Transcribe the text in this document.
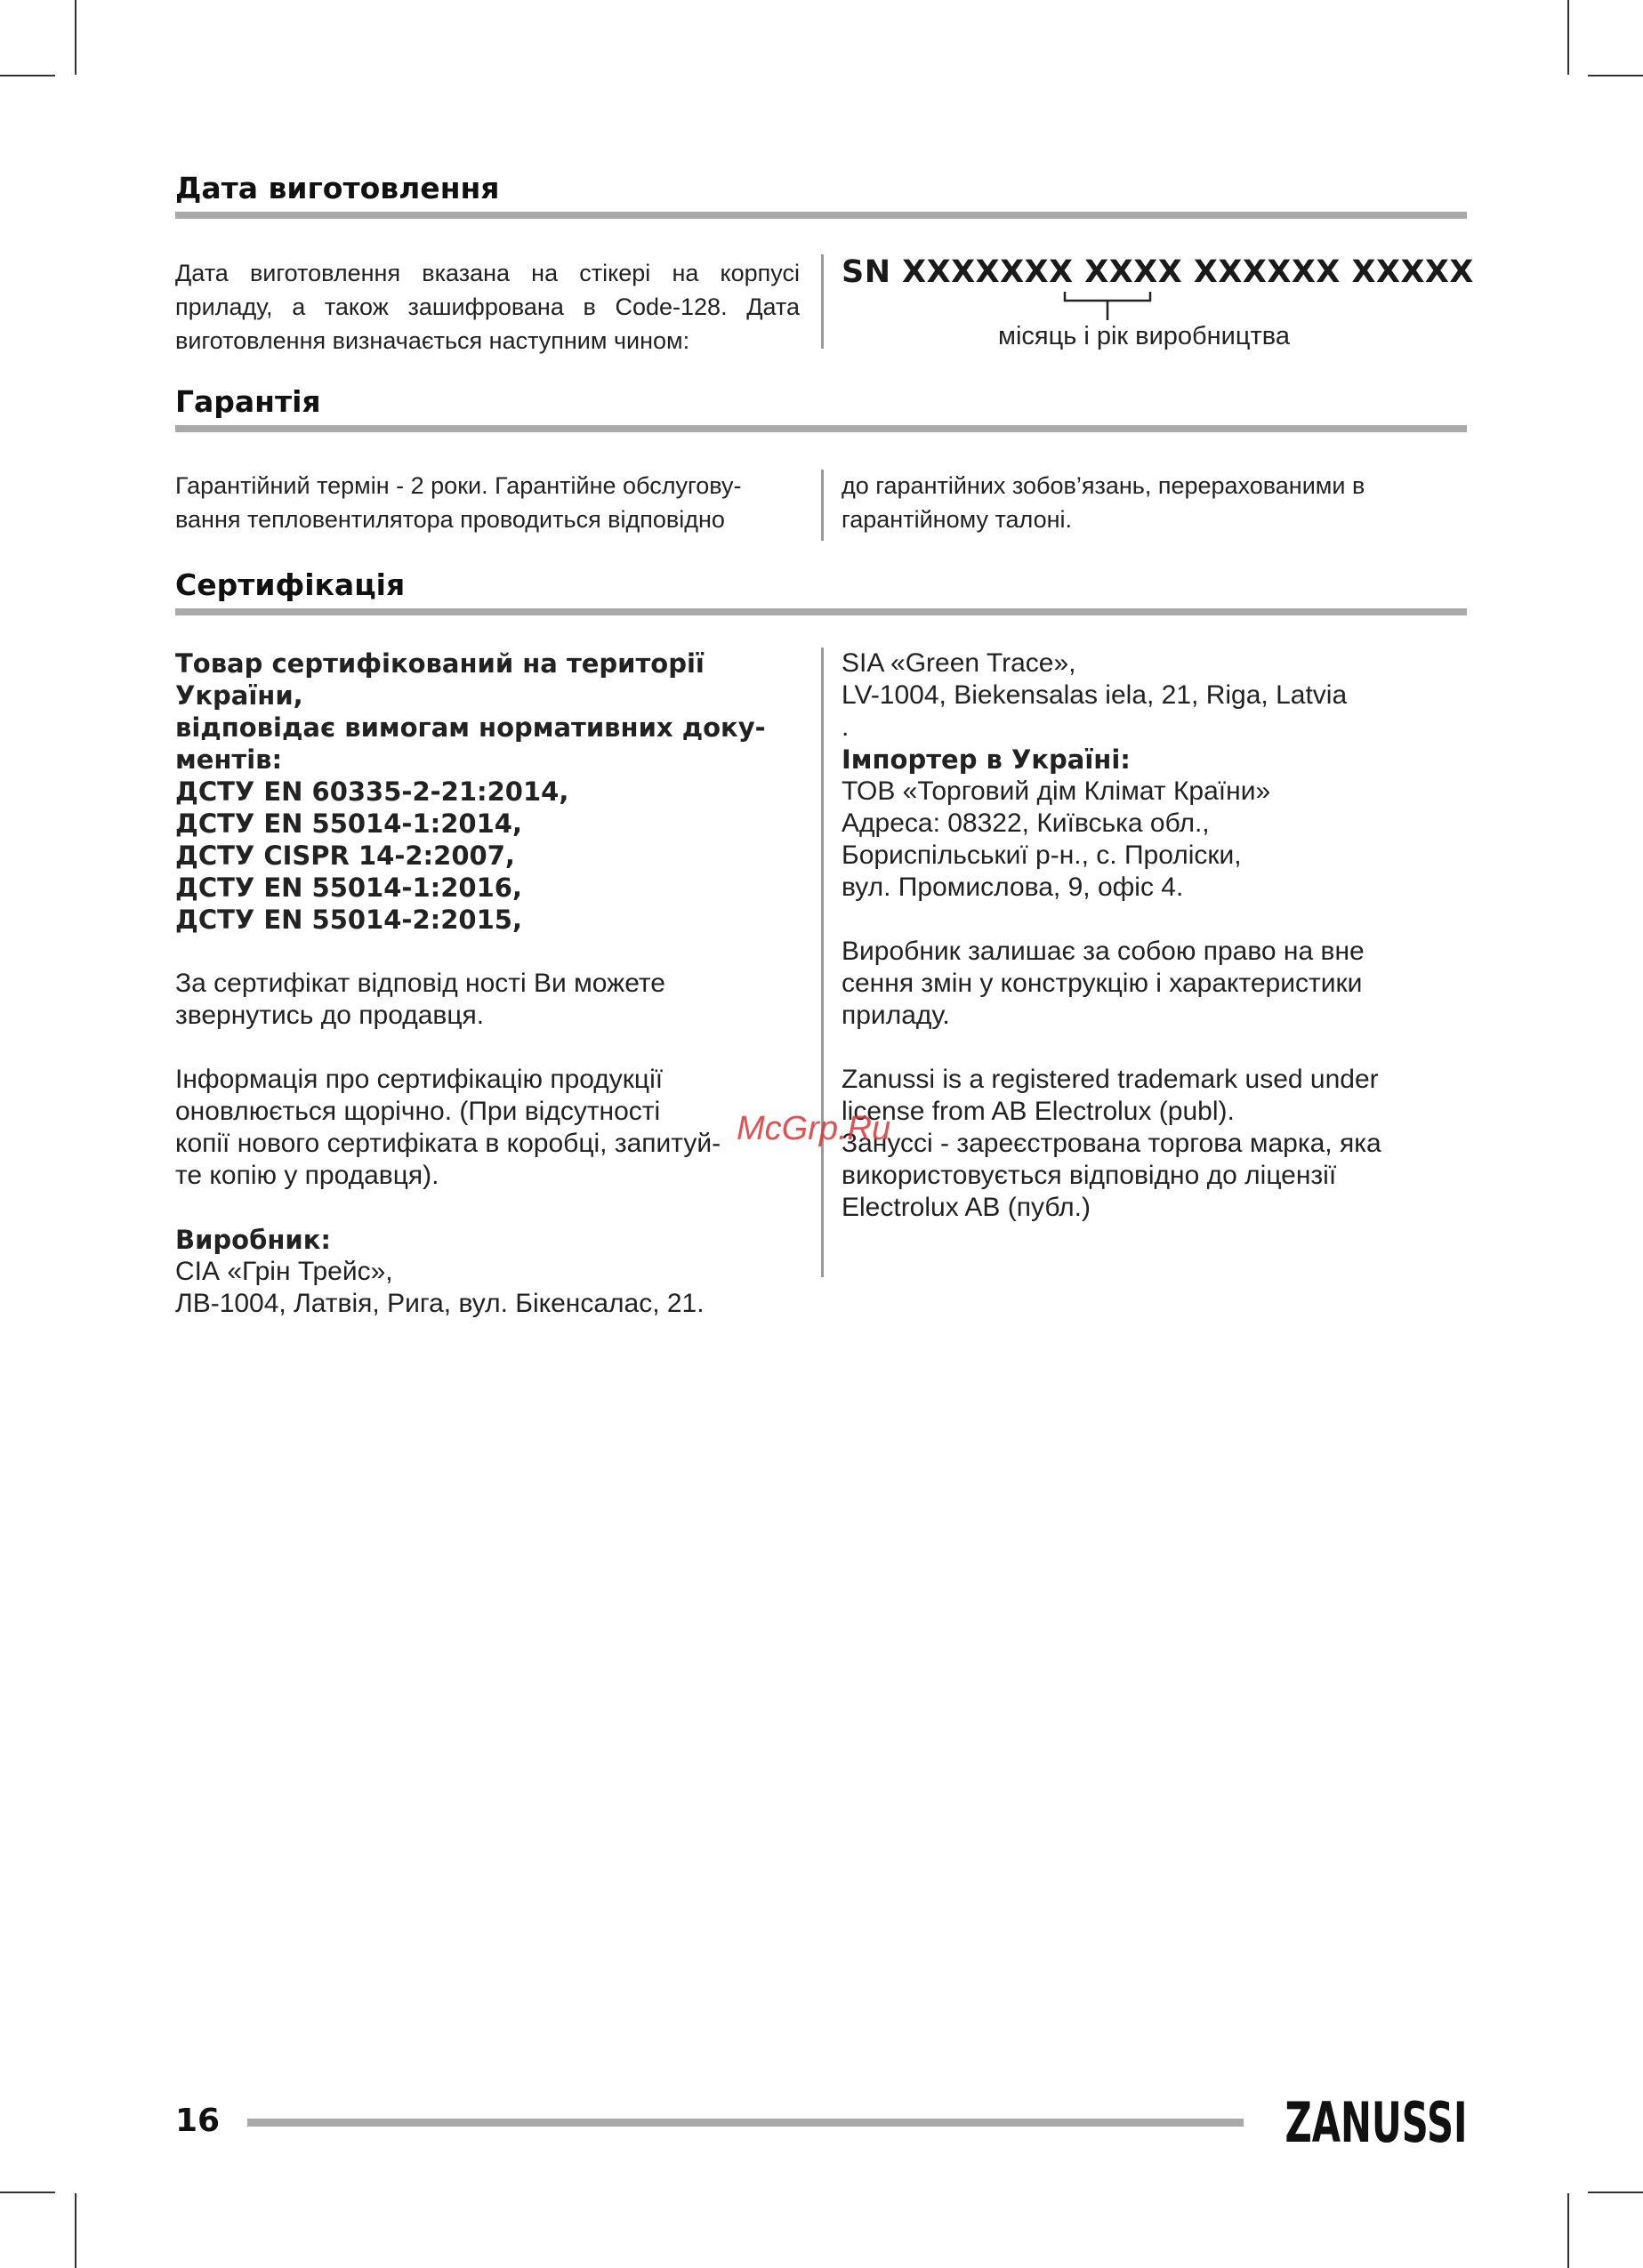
Дата виготовлення
Дата виготовлення вказана на стікері на корпусі
приладу, а також зашифрована в Code-128. Дата
виготовлення визначається наступним чином:
SN XXXXXXX XXXX XXXXXX XXXXX
місяць і рік виробництва
Гарантія
Гарантійний термін - 2 роки. Гарантійне обслугову-
вання тепловентилятора проводиться відповідно
до гарантійних зобов’язань, перерахованими в
гарантійному талоні.
Сертифікація
Товар сертифікований на території України,
відповідає вимогам нормативних доку-
ментів:
ДСТУ EN 60335-2-21:2014,
ДСТУ EN 55014-1:2014,
ДСТУ CISPR 14-2:2007,
ДСТУ EN 55014-1:2016,
ДСТУ EN 55014-2:2015,
За сертифікат відповід ності Ви можете
звернутись до продавця.
Інформація про сертифікацію продукції
оновлюється щорічно. (При відсутності
копії нового сертифіката в коробці, запитуй-
те копію у продавця).
Виробник:
СІА «Грін Трейс»,
ЛВ-1004, Латвія, Рига, вул. Бікенсалас, 21.
SIA «Green Trace»,
LV-1004, Biekensalas iela, 21, Riga, Latvia
.
Імпортер в Україні:
ТОВ «Торговий дім Клімат Країни»
Адреса: 08322, Київська обл.,
Бориспільськиї р-н., с. Проліски,
вул. Промислова, 9, офіс 4.
Виробник залишає за собою право на вне
сення змін у конструкцію і характеристики
приладу.
Zanussi is a registered trademark used under
license from AB Electrolux (publ).
Зануссі - зареєстрована торгова марка, яка
використовується відповідно до ліцензії
Electrolux AB (публ.)
McGrp.Ru
16	ZANUSSI
